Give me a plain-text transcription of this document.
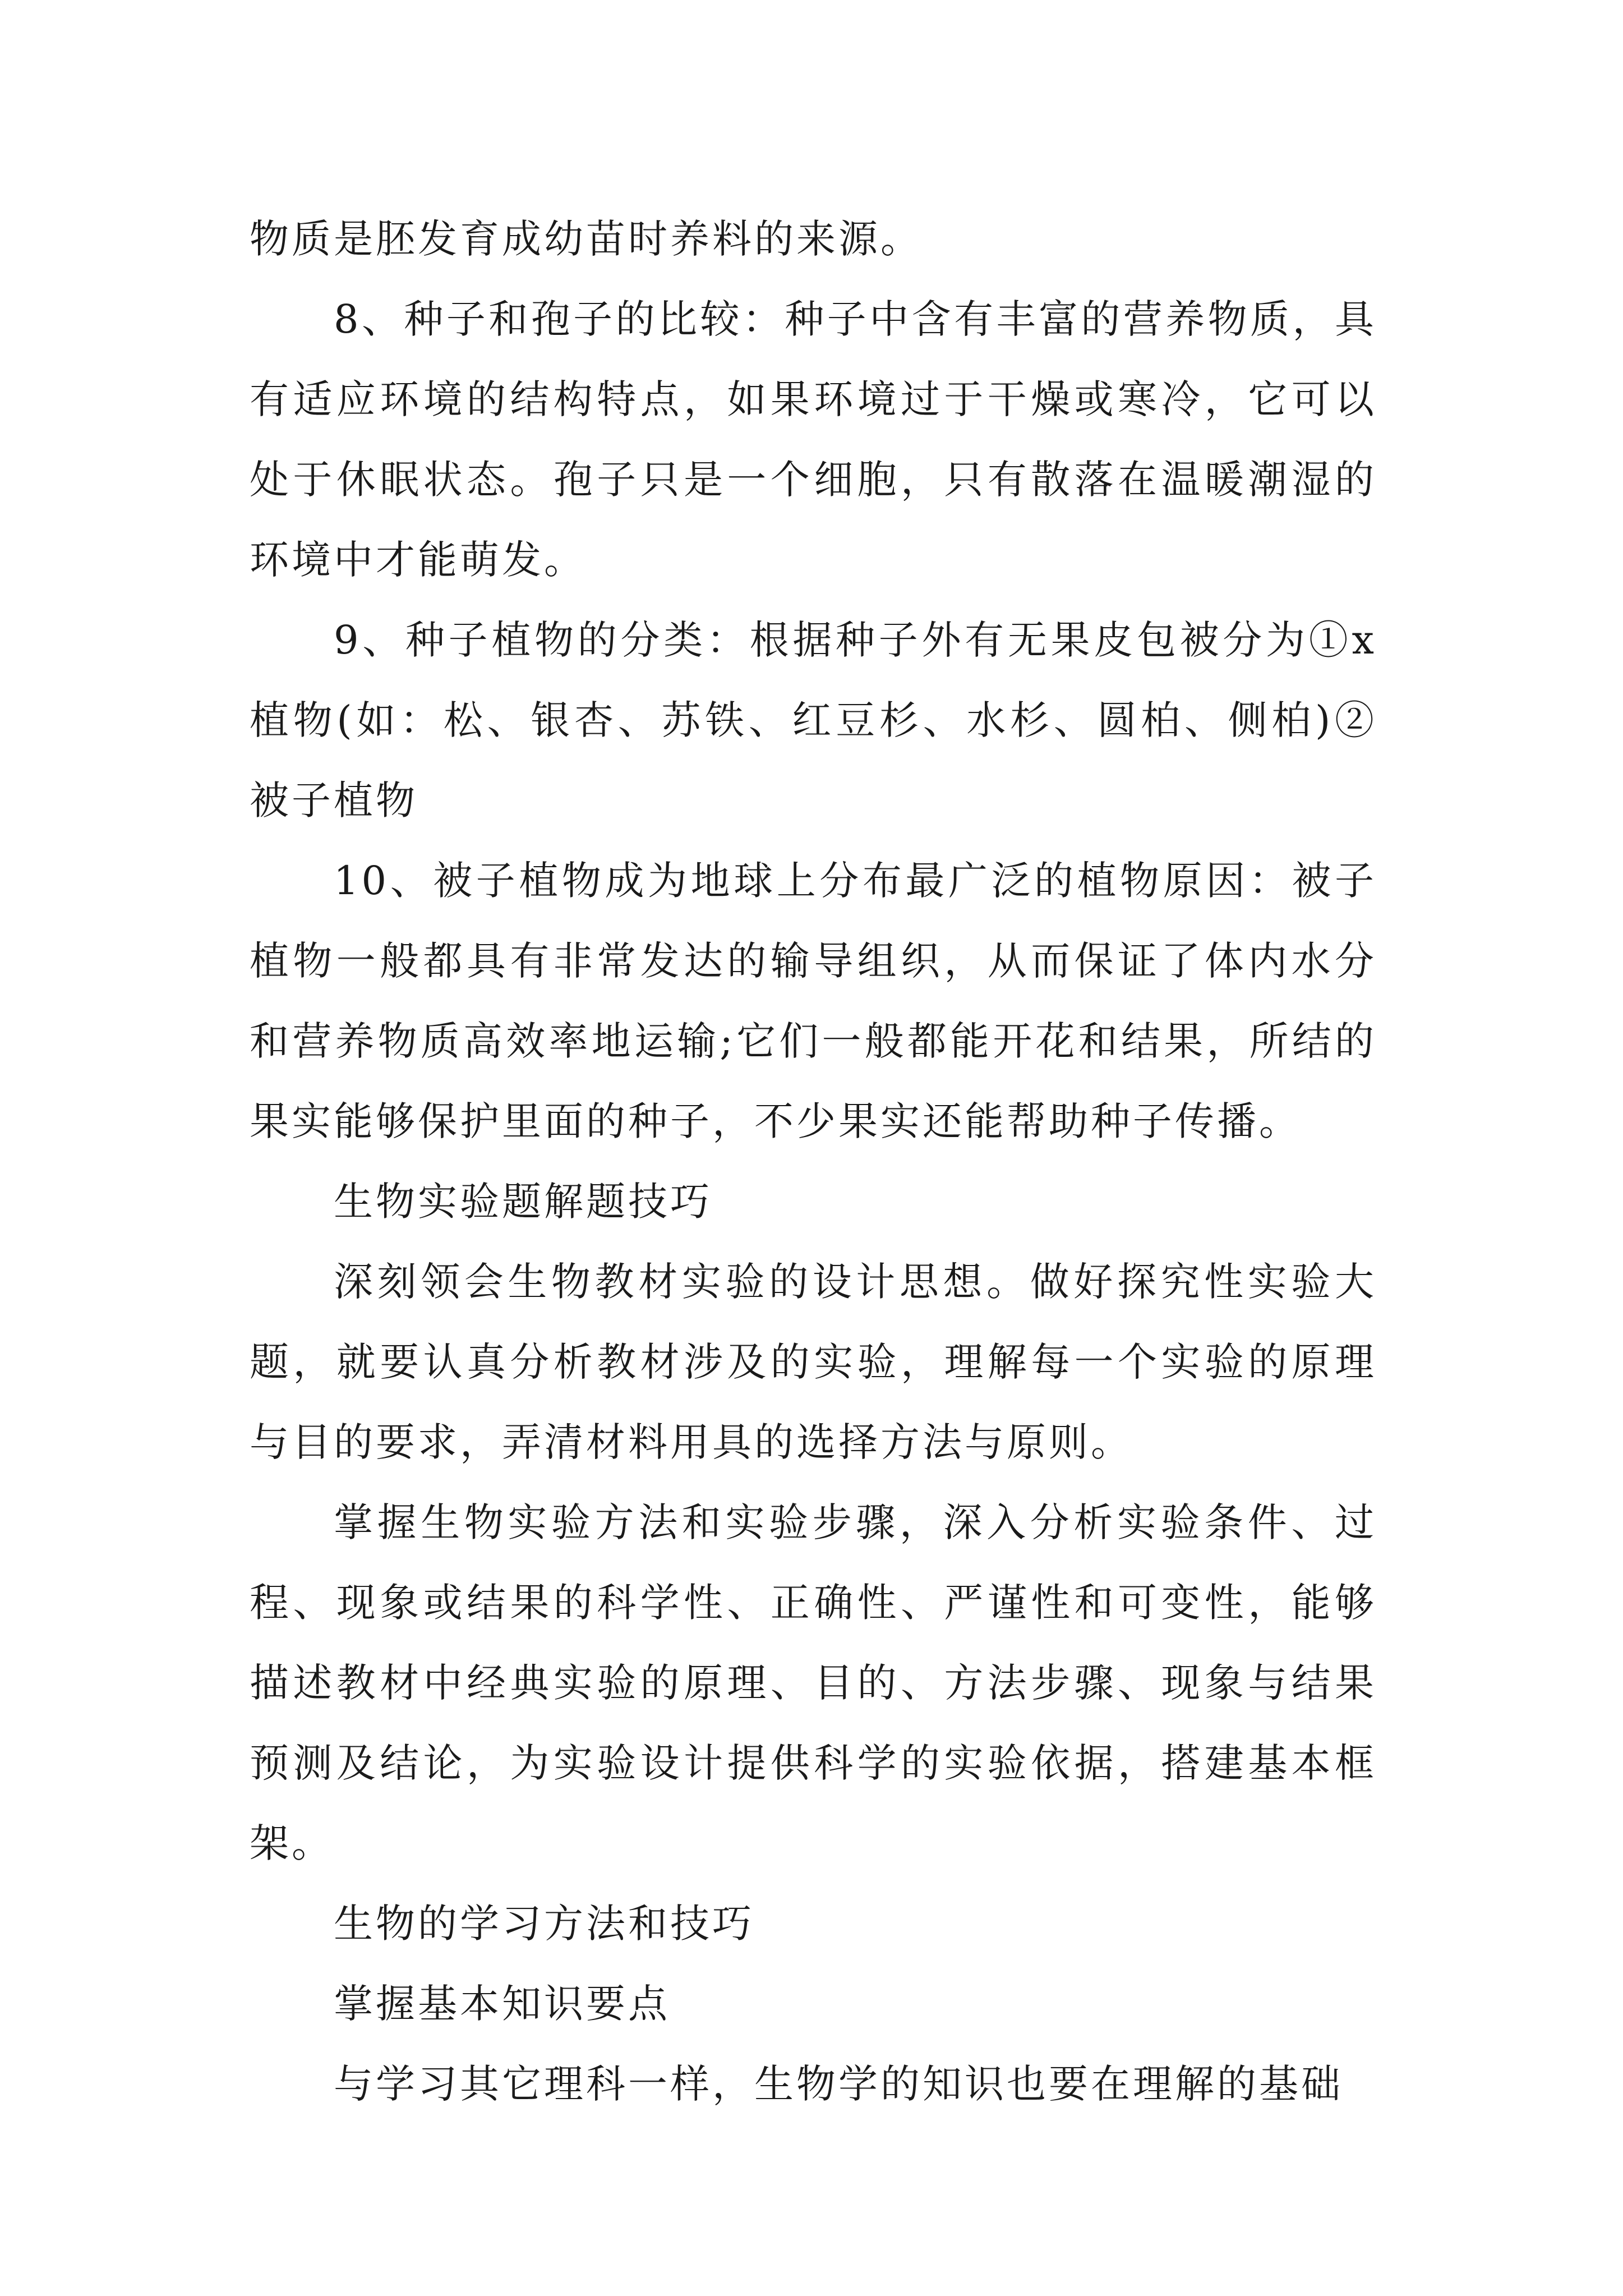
物质是胚发育成幼苗时养料的来源。

8、种子和孢子的比较：种子中含有丰富的营养物质，具有适应环境的结构特点，如果环境过于干燥或寒冷，它可以处于休眠状态。孢子只是一个细胞，只有散落在温暖潮湿的环境中才能萌发。

9、种子植物的分类：根据种子外有无果皮包被分为①x植物(如：松、银杏、苏铁、红豆杉、水杉、圆柏、侧柏)②被子植物

10、被子植物成为地球上分布最广泛的植物原因：被子植物一般都具有非常发达的输导组织，从而保证了体内水分和营养物质高效率地运输;它们一般都能开花和结果，所结的果实能够保护里面的种子，不少果实还能帮助种子传播。

生物实验题解题技巧

深刻领会生物教材实验的设计思想。做好探究性实验大题，就要认真分析教材涉及的实验，理解每一个实验的原理与目的要求，弄清材料用具的选择方法与原则。

掌握生物实验方法和实验步骤，深入分析实验条件、过程、现象或结果的科学性、正确性、严谨性和可变性，能够描述教材中经典实验的原理、目的、方法步骤、现象与结果预测及结论，为实验设计提供科学的实验依据，搭建基本框架。

生物的学习方法和技巧

掌握基本知识要点

与学习其它理科一样，生物学的知识也要在理解的基础
